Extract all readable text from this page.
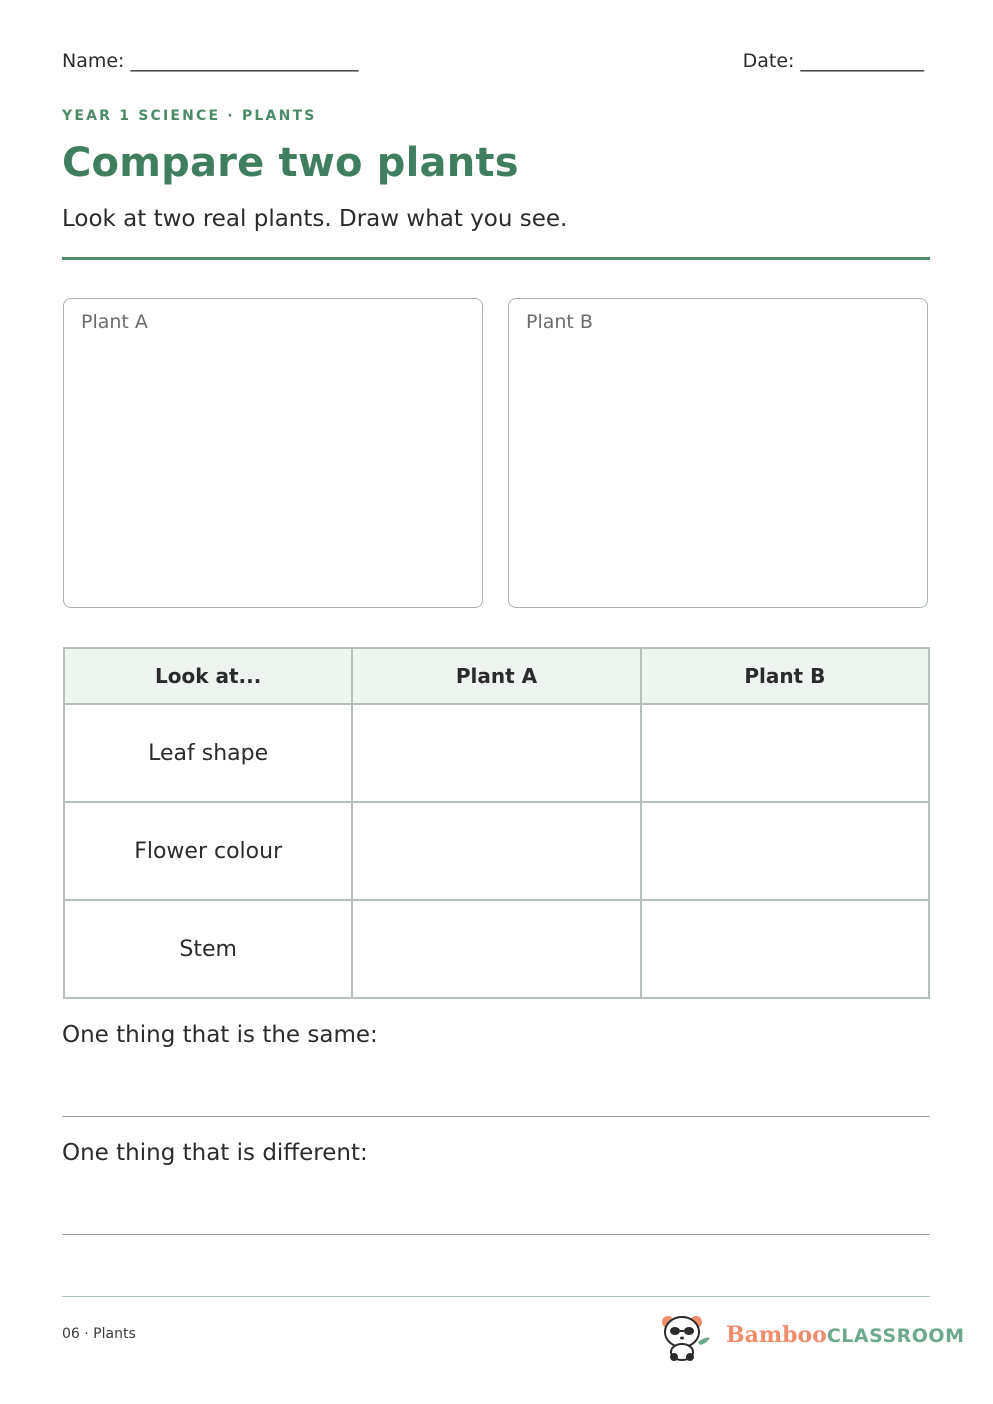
Name: ________________________	Date: _____________
YEAR 1 SCIENCE · PLANTS
Compare two plants
Look at two real plants. Draw what you see.
Plant A	Plant B
Look at...	Plant A	Plant B
Leaf shape		
Flower colour		
Stem		
One thing that is the same:
One thing that is different:
06 · Plants	BambooCLASSROOM
